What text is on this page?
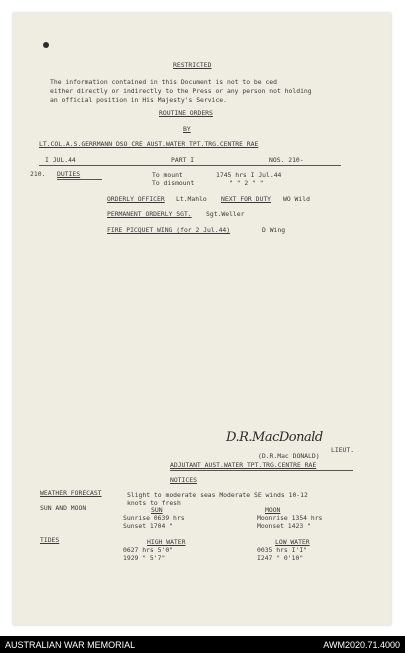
RESTRICTED
The information contained in this Document is not to be ced
either directly or indirectly to the Press or any person not holding
an official position in His Majesty's Service.
ROUTINE ORDERS
BY
LT.COL.A.S.GERRMANN DSO CRE AUST.WATER TPT.TRG.CENTRE RAE
I JUL.44	PART I	NOS. 210-
210. DUTIES	To mount	1745 hrs I Jul.44
To dismount	" " 2 " "
ORDERLY OFFICER Lt.Mahlo NEXT FOR DUTY WO Wild
PERMANENT ORDERLY SGT. Sgt.Weller
FIRE PICQUET WING (for 2 Jul.44)	D Wing
D.R.MacDonald
LIEUT.
(D.R.Mac DONALD)
ADJUTANT AUST.WATER TPT.TRG.CENTRE RAE
NOTICES
WEATHER FORECAST	Slight to moderate seas Moderate SE winds 10-12
knots to fresh
SUN AND MOON	SUN	MOON
Sunrise 0639 hrs	Moonrise 1354 hrs
Sunset 1704 "	Moonset 1423 "
TIDES	HIGH WATER	LOW WATER
0627 hrs 5'0"	0035 hrs I'I"
1929 " 5'7"	I247 " 0'10"
AUSTRALIAN WAR MEMORIAL	AWM2020.71.4000
